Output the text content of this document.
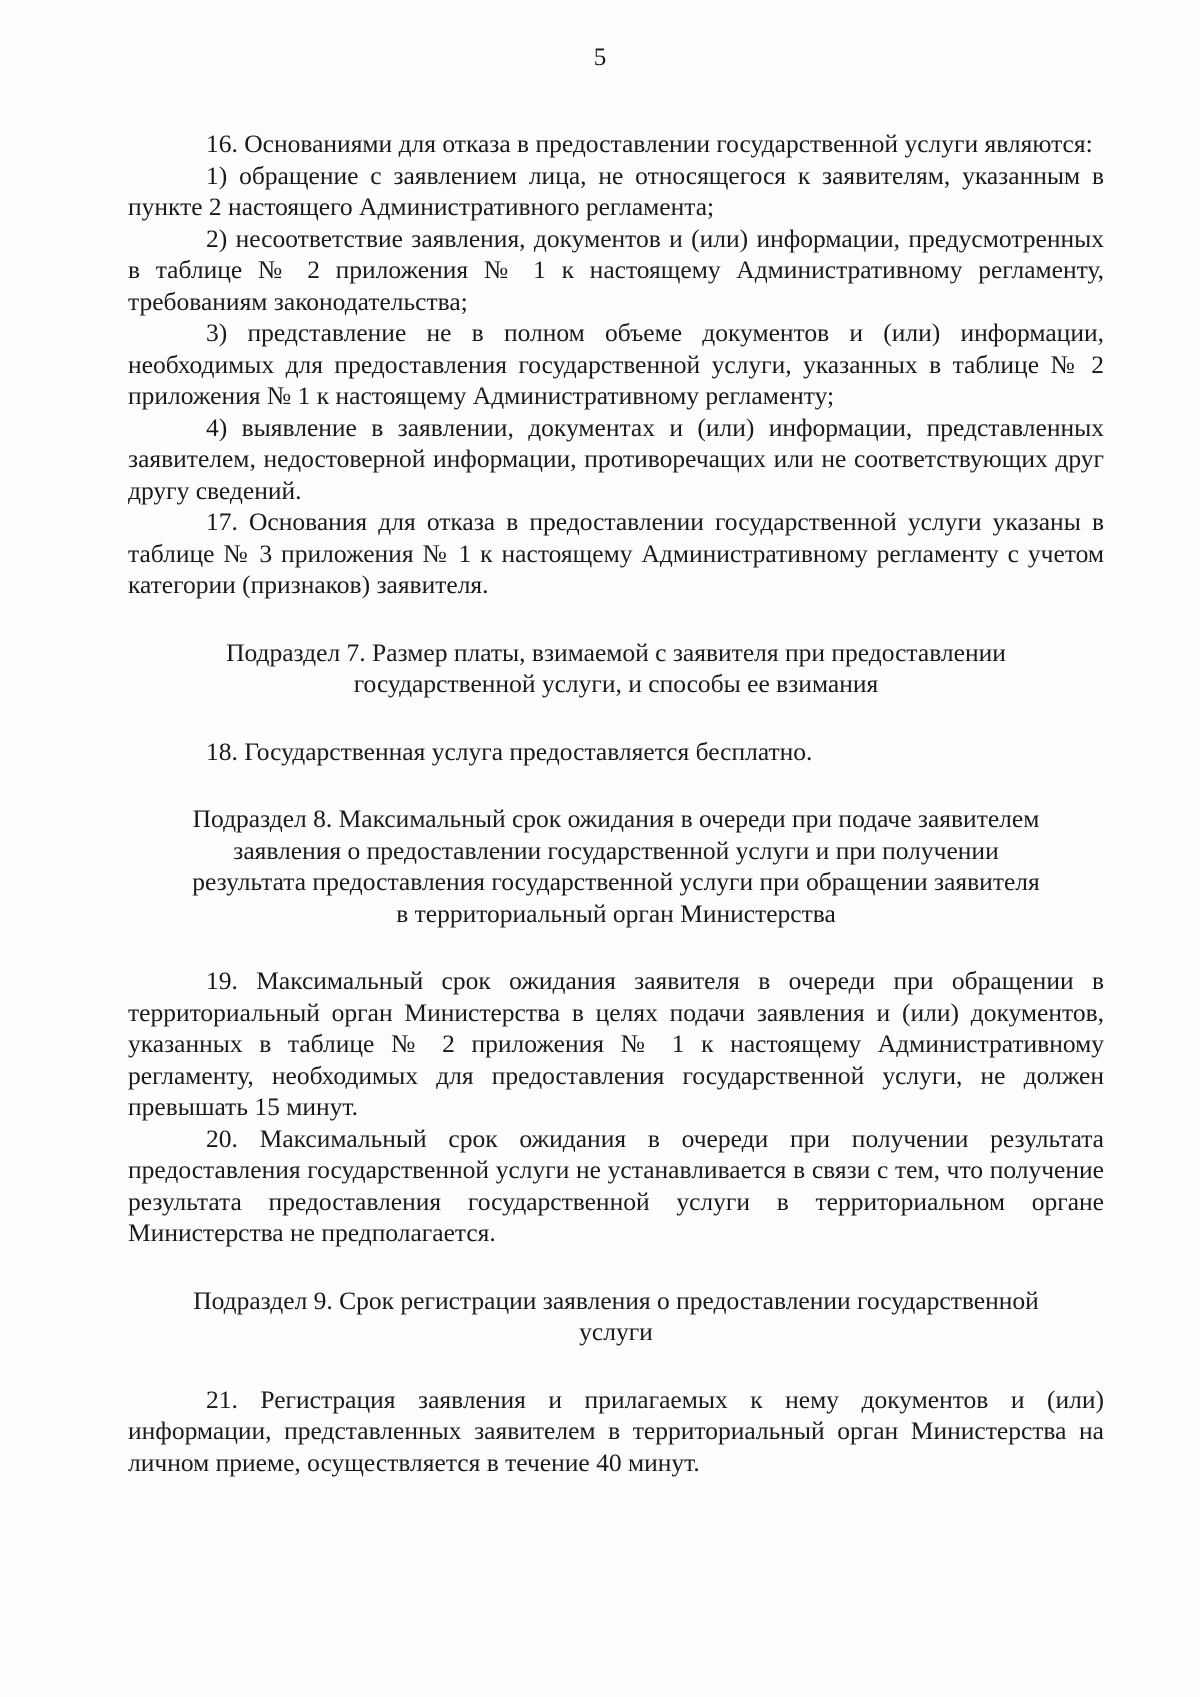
5

16. Основаниями для отказа в предоставлении государственной услуги являются:

1) обращение с заявлением лица, не относящегося к заявителям, указанным в пункте 2 настоящего Административного регламента;

2) несоответствие заявления, документов и (или) информации, предусмотренных в таблице № 2 приложения № 1 к настоящему Административному регламенту, требованиям законодательства;

3) представление не в полном объеме документов и (или) информации, необходимых для предоставления государственной услуги, указанных в таблице № 2 приложения № 1 к настоящему Административному регламенту;

4) выявление в заявлении, документах и (или) информации, представленных заявителем, недостоверной информации, противоречащих или не соответствующих друг другу сведений.

17. Основания для отказа в предоставлении государственной услуги указаны в таблице № 3 приложения № 1 к настоящему Административному регламенту с учетом категории (признаков) заявителя.

Подраздел 7. Размер платы, взимаемой с заявителя при предоставлении государственной услуги, и способы ее взимания

18. Государственная услуга предоставляется бесплатно.

Подраздел 8. Максимальный срок ожидания в очереди при подаче заявителем заявления о предоставлении государственной услуги и при получении результата предоставления государственной услуги при обращении заявителя в территориальный орган Министерства

19. Максимальный срок ожидания заявителя в очереди при обращении в территориальный орган Министерства в целях подачи заявления и (или) документов, указанных в таблице № 2 приложения № 1 к настоящему Административному регламенту, необходимых для предоставления государственной услуги, не должен превышать 15 минут.

20. Максимальный срок ожидания в очереди при получении результата предоставления государственной услуги не устанавливается в связи с тем, что получение результата предоставления государственной услуги в территориальном органе Министерства не предполагается.

Подраздел 9. Срок регистрации заявления о предоставлении государственной услуги

21. Регистрация заявления и прилагаемых к нему документов и (или) информации, представленных заявителем в территориальный орган Министерства на личном приеме, осуществляется в течение 40 минут.
